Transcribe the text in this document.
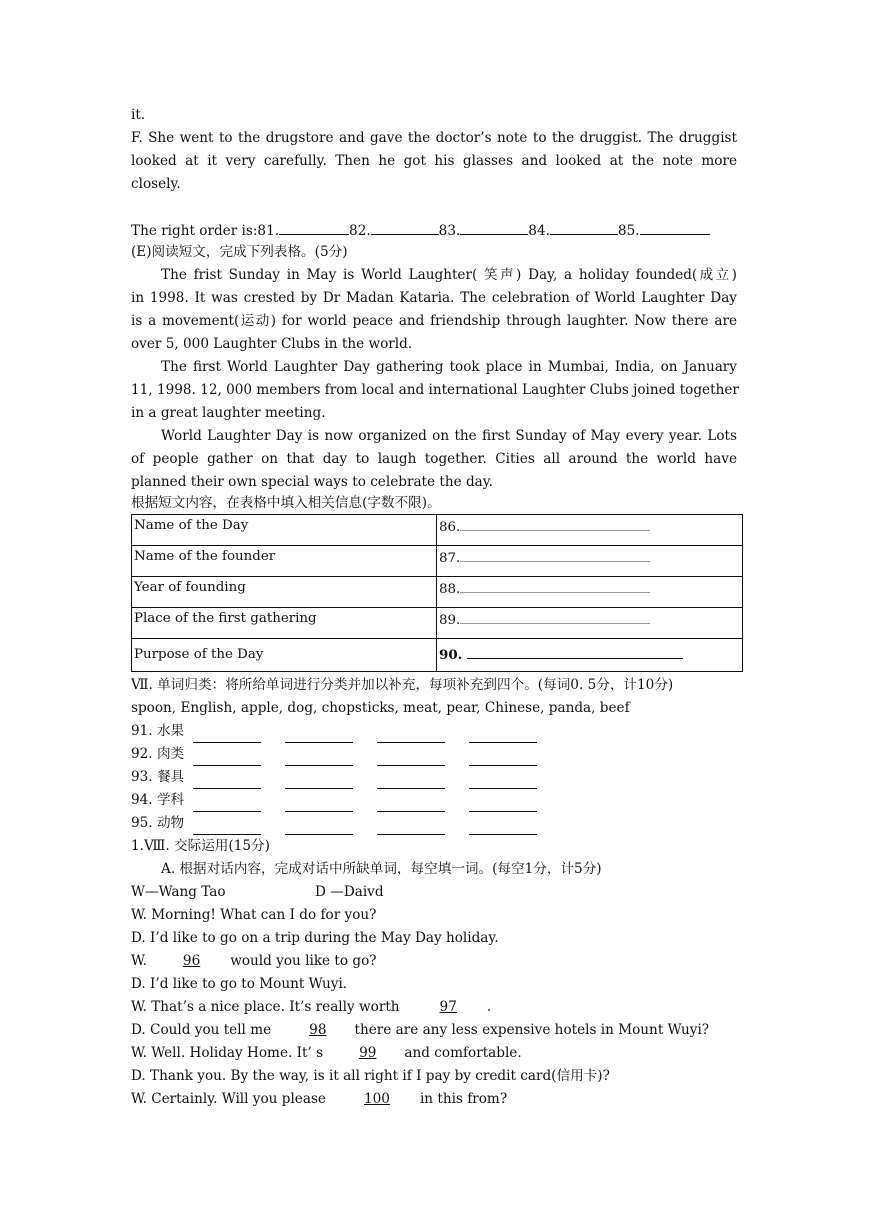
it.
F. She went to the drugstore and gave the doctor’s note to the druggist. The druggist
looked at it very carefully. Then he got his glasses and looked at the note more
closely.
The right order is:81.	82.	83.	84.	85.
(E)阅读短文，完成下列表格。(5分)
The frist Sunday in May is World Laughter( 笑声) Day, a holiday founded(成立)
in 1998. It was crested by Dr Madan Kataria. The celebration of World Laughter Day
is a movement(运动) for world peace and friendship through laughter. Now there are
over 5, 000 Laughter Clubs in the world.
The first World Laughter Day gathering took place in Mumbai, India, on January
11, 1998. 12, 000 members from local and international Laughter Clubs joined together
in a great laughter meeting.
World Laughter Day is now organized on the first Sunday of May every year. Lots
of people gather on that day to laugh together. Cities all around the world have
planned their own special ways to celebrate the day.
根据短文内容，在表格中填入相关信息(字数不限)。
Name of the Day	86.
Name of the founder	87.
Year of founding	88.
Place of the first gathering	89.
Purpose of the Day	90.
Ⅶ. 单词归类：将所给单词进行分类并加以补充，每项补充到四个。(每词0. 5分，计10分)
spoon, English, apple, dog, chopsticks, meat, pear, Chinese, panda, beef
91. 水果
92. 肉类
93. 餐具
94. 学科
95. 动物
1.Ⅷ. 交际运用(15分)
A. 根据对话内容，完成对话中所缺单词，每空填一词。(每空1分，计5分)
W—Wang Tao	D —Daivd
W. Morning! What can I do for you?
D. I’d like to go on a trip during the May Day holiday.
W.	96 would you like to go?
D. I’d like to go to Mount Wuyi.
W. That’s a nice place. It’s really worth	97 .
D. Could you tell me	98 there are any less expensive hotels in Mount Wuyi?
W. Well. Holiday Home. It’ s	99 and comfortable.
D. Thank you. By the way, is it all right if I pay by credit card(信用卡)?
W. Certainly. Will you please	100 in this from?
